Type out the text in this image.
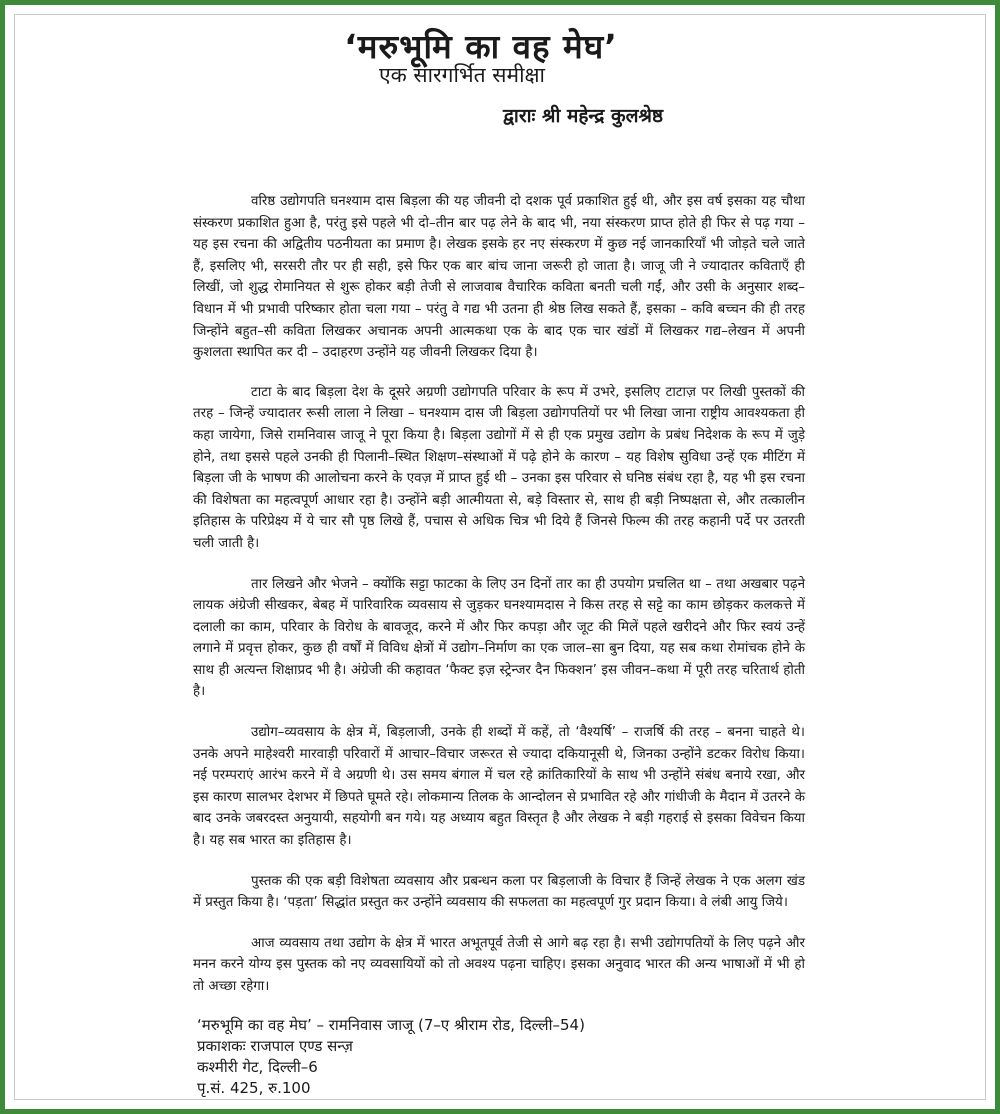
‘मरुभूमि का वह मेघ’
एक सारगर्भित समीक्षा
द्वाराः श्री महेन्द्र कुलश्रेष्ठ

वरिष्ठ उद्योगपति घनश्याम दास बिड़ला की यह जीवनी दो दशक पूर्व प्रकाशित हुई थी, और इस वर्ष इसका यह चौथा संस्करण प्रकाशित हुआ है, परंतु इसे पहले भी दो–तीन बार पढ़ लेने के बाद भी, नया संस्करण प्राप्त होते ही फिर से पढ़ गया – यह इस रचना की अद्वितीय पठनीयता का प्रमाण है। लेखक इसके हर नए संस्करण में कुछ नई जानकारियाँ भी जोड़ते चले जाते हैं, इसलिए भी, सरसरी तौर पर ही सही, इसे फिर एक बार बांच जाना जरूरी हो जाता है। जाजू जी ने ज्यादातर कविताएँ ही लिखीं, जो शुद्ध रोमानियत से शुरू होकर बड़ी तेजी से लाजवाब वैचारिक कविता बनती चली गईं, और उसी के अनुसार शब्द–विधान में भी प्रभावी परिष्कार होता चला गया – परंतु वे गद्य भी उतना ही श्रेष्ठ लिख सकते हैं, इसका – कवि बच्चन की ही तरह जिन्होंने बहुत–सी कविता लिखकर अचानक अपनी आत्मकथा एक के बाद एक चार खंडों में लिखकर गद्य–लेखन में अपनी कुशलता स्थापित कर दी – उदाहरण उन्होंने यह जीवनी लिखकर दिया है।

टाटा के बाद बिड़ला देश के दूसरे अग्रणी उद्योगपति परिवार के रूप में उभरे, इसलिए टाटाज़ पर लिखी पुस्तकों की तरह – जिन्हें ज्यादातर रूसी लाला ने लिखा – घनश्याम दास जी बिड़ला उद्योगपतियों पर भी लिखा जाना राष्ट्रीय आवश्यकता ही कहा जायेगा, जिसे रामनिवास जाजू ने पूरा किया है। बिड़ला उद्योगों में से ही एक प्रमुख उद्योग के प्रबंध निदेशक के रूप में जुड़े होने, तथा इससे पहले उनकी ही पिलानी–स्थित शिक्षण–संस्थाओं में पढ़े होने के कारण – यह विशेष सुविधा उन्हें एक मीटिंग में बिड़ला जी के भाषण की आलोचना करने के एवज़ में प्राप्त हुई थी – उनका इस परिवार से घनिष्ठ संबंध रहा है, यह भी इस रचना की विशेषता का महत्वपूर्ण आधार रहा है। उन्होंने बड़ी आत्मीयता से, बड़े विस्तार से, साथ ही बड़ी निष्पक्षता से, और तत्कालीन इतिहास के परिप्रेक्ष्य में ये चार सौ पृष्ठ लिखे हैं, पचास से अधिक चित्र भी दिये हैं जिनसे फिल्म की तरह कहानी पर्दे पर उतरती चली जाती है।

तार लिखने और भेजने – क्योंकि सट्टा फाटका के लिए उन दिनों तार का ही उपयोग प्रचलित था – तथा अखबार पढ़ने लायक अंग्रेजी सीखकर, बेबह में पारिवारिक व्यवसाय से जुड़कर घनश्यामदास ने किस तरह से सट्टे का काम छोड़कर कलकत्ते में दलाली का काम, परिवार के विरोध के बावजूद, करने में और फिर कपड़ा और जूट की मिलें पहले खरीदने और फिर स्वयं उन्हें लगाने में प्रवृत्त होकर, कुछ ही वर्षों में विविध क्षेत्रों में उद्योग–निर्माण का एक जाल–सा बुन दिया, यह सब कथा रोमांचक होने के साथ ही अत्यन्त शिक्षाप्रद भी है। अंग्रेजी की कहावत ‘फैक्ट इज़ स्ट्रेन्जर दैन फिक्शन’ इस जीवन–कथा में पूरी तरह चरितार्थ होती है।

उद्योग–व्यवसाय के क्षेत्र में, बिड़लाजी, उनके ही शब्दों में कहें, तो ‘वैश्यर्षि’ – राजर्षि की तरह – बनना चाहते थे। उनके अपने माहेश्वरी मारवाड़ी परिवारों में आचार–विचार जरूरत से ज्यादा दकियानूसी थे, जिनका उन्होंने डटकर विरोध किया। नई परम्पराएं आरंभ करने में वे अग्रणी थे। उस समय बंगाल में चल रहे क्रांतिकारियों के साथ भी उन्होंने संबंध बनाये रखा, और इस कारण सालभर देशभर में छिपते घूमते रहे। लोकमान्य तिलक के आन्दोलन से प्रभावित रहे और गांधीजी के मैदान में उतरने के बाद उनके जबरदस्त अनुयायी, सहयोगी बन गये। यह अध्याय बहुत विस्तृत है और लेखक ने बड़ी गहराई से इसका विवेचन किया है। यह सब भारत का इतिहास है।

पुस्तक की एक बड़ी विशेषता व्यवसाय और प्रबन्धन कला पर बिड़लाजी के विचार हैं जिन्हें लेखक ने एक अलग खंड में प्रस्तुत किया है। ‘पड़ता’ सिद्धांत प्रस्तुत कर उन्होंने व्यवसाय की सफलता का महत्वपूर्ण गुर प्रदान किया। वे लंबी आयु जिये।

आज व्यवसाय तथा उद्योग के क्षेत्र में भारत अभूतपूर्व तेजी से आगे बढ़ रहा है। सभी उद्योगपतियों के लिए पढ़ने और मनन करने योग्य इस पुस्तक को नए व्यवसायियों को तो अवश्य पढ़ना चाहिए। इसका अनुवाद भारत की अन्य भाषाओं में भी हो तो अच्छा रहेगा।

‘मरुभूमि का वह मेघ’ – रामनिवास जाजू (7–ए श्रीराम रोड, दिल्ली–54)
प्रकाशकः राजपाल एण्ड सन्ज़
कश्मीरी गेट, दिल्ली–6
पृ.सं. 425, रु.100
